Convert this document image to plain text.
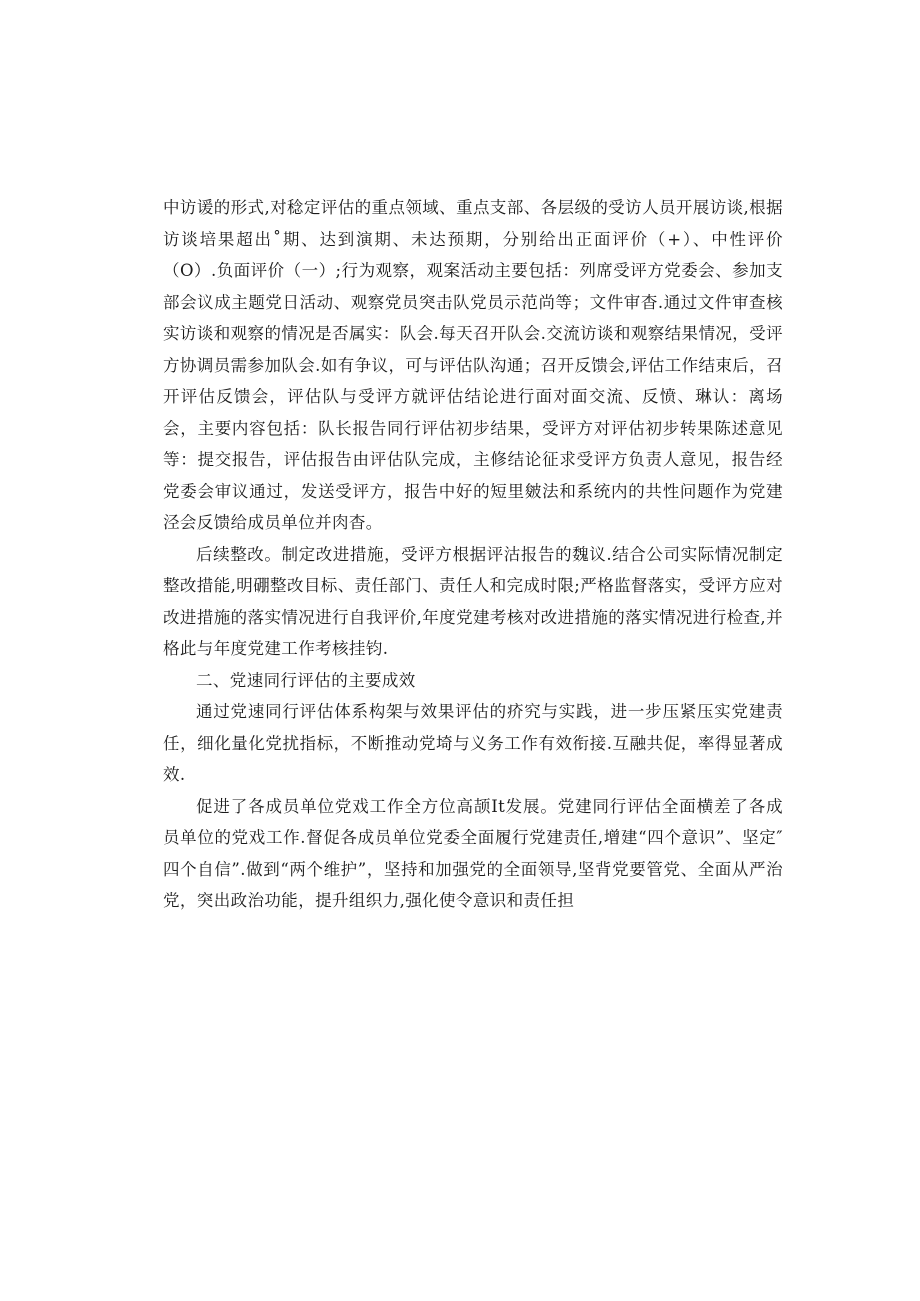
中访谖的形式,对稔定评估的重点领域、重点支部、各层级的受访人员开展访谈,根据访谈培果超出˚期、达到演期、未达预期，分别给出正面评价（+）、中性评价（O）.负面评价（一）;行为观察，观案活动主要包括：列席受评方党委会、参加支部会议成主题党日活动、观察党员突击队党员示范尚等；文件审杳.通过文件审查核实访谈和观察的情况是否属实：队会.每天召开队会.交流访谈和观察结果情况，受评方协调员需参加队会.如有争议，可与评估队沟通；召开反馈会,评估工作结束后，召开评估反馈会，评估队与受评方就评估结论进行面对面交流、反愤、琳认：离场会，主要内容包括：队长报告同行评估初步结果，受评方对评估初步转果陈述意见等：提交报告，评估报告由评估队完成，主修结论征求受评方负责人意见，报告经党委会审议通过，发送受评方，报告中好的短里皴法和系统内的共性问题作为党建泾会反馈给成员单位并肉杳。

后续整改。制定改进措施，受评方根据评沽报告的魏议.结合公司实际情况制定整改措能,明硼整改目标、责任部门、责任人和完成时限;严格监督落实，受评方应对改进措施的落实情况进行自我评价,年度党建考核对改进措施的落实情况进行检查,并格此与年度党建工作考核挂钧.

二、党速同行评估的主要成效

通过党速同行评估体系构架与效果评估的疥究与实践，进一步压紧压实党建责任，细化量化党扰指标，不断推动党埼与义务工作有效衔接.互融共促，率得显著成效.

促进了各成员单位党戏工作全方位高颉It发展。党建同行评估全面横差了各成员单位的党戏工作.督促各成员单位党委全面履行党建责任,增建“四个意识”、坚定″四个自信”.做到“两个维护”，坚持和加强党的全面领导,坚背党要管党、全面从严治党，突出政治功能，提升组织力,强化使令意识和责任担
